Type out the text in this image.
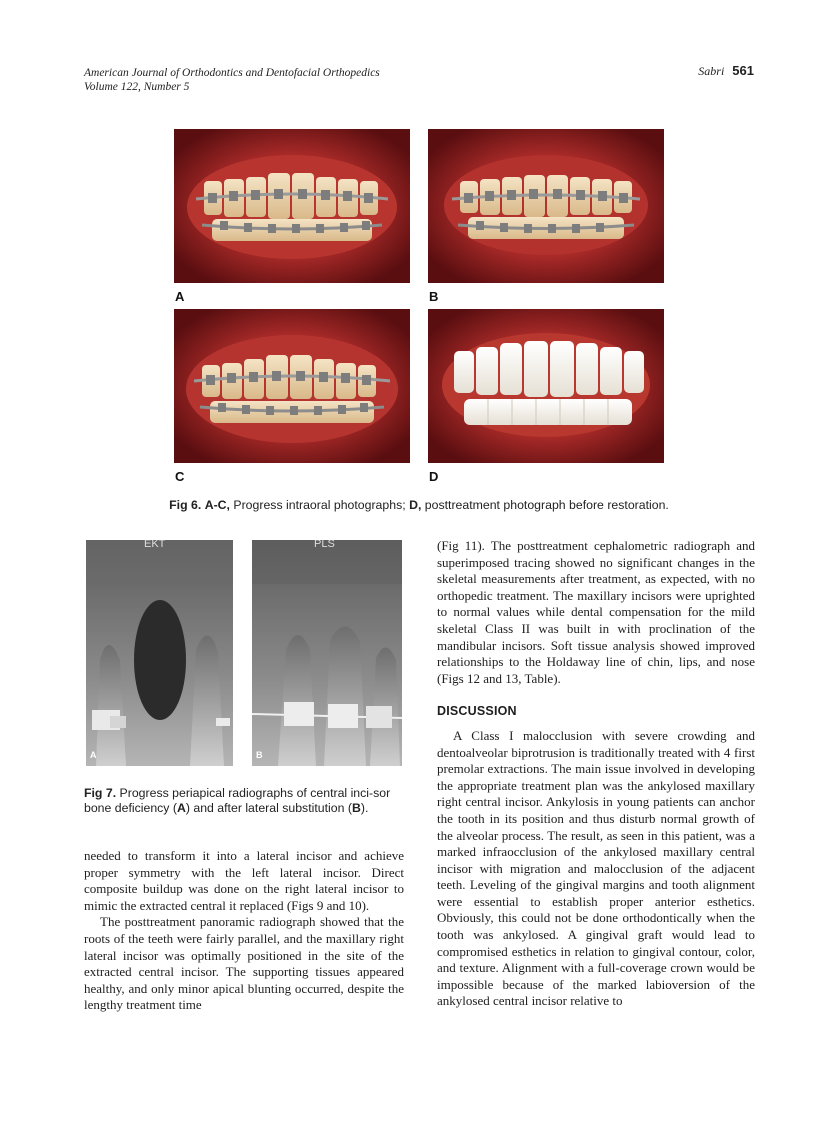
American Journal of Orthodontics and Dentofacial Orthopedics
Volume 122, Number 5
Sabri 561
A	B
C	D
Fig 6. A-C, Progress intraoral photographs; D, posttreatment photograph before restoration.
EKT
A
PLS
B
Fig 7. Progress periapical radiographs of central inci-sor bone deficiency (A) and after lateral substitution (B).

needed to transform it into a lateral incisor and achieve proper symmetry with the left lateral incisor. Direct composite buildup was done on the right lateral incisor to mimic the extracted central it replaced (Figs 9 and 10).

The posttreatment panoramic radiograph showed that the roots of the teeth were fairly parallel, and the maxillary right lateral incisor was optimally positioned in the site of the extracted central incisor. The supporting tissues appeared healthy, and only minor apical blunting occurred, despite the lengthy treatment time

(Fig 11). The posttreatment cephalometric radiograph and superimposed tracing showed no significant changes in the skeletal measurements after treatment, as expected, with no orthopedic treatment. The maxillary incisors were uprighted to normal values while dental compensation for the mild skeletal Class II was built in with proclination of the mandibular incisors. Soft tissue analysis showed improved relationships to the Holdaway line of chin, lips, and nose (Figs 12 and 13, Table).

DISCUSSION

A Class I malocclusion with severe crowding and dentoalveolar biprotrusion is traditionally treated with 4 first premolar extractions. The main issue involved in developing the appropriate treatment plan was the ankylosed maxillary right central incisor. Ankylosis in young patients can anchor the tooth in its position and thus disturb normal growth of the alveolar process. The result, as seen in this patient, was a marked infraocclusion of the ankylosed maxillary central incisor with migration and malocclusion of the adjacent teeth. Leveling of the gingival margins and tooth alignment were essential to establish proper anterior esthetics. Obviously, this could not be done orthodontically when the tooth was ankylosed. A gingival graft would lead to compromised esthetics in relation to gingival contour, color, and texture. Alignment with a full-coverage crown would be impossible because of the marked labioversion of the ankylosed central incisor relative to
